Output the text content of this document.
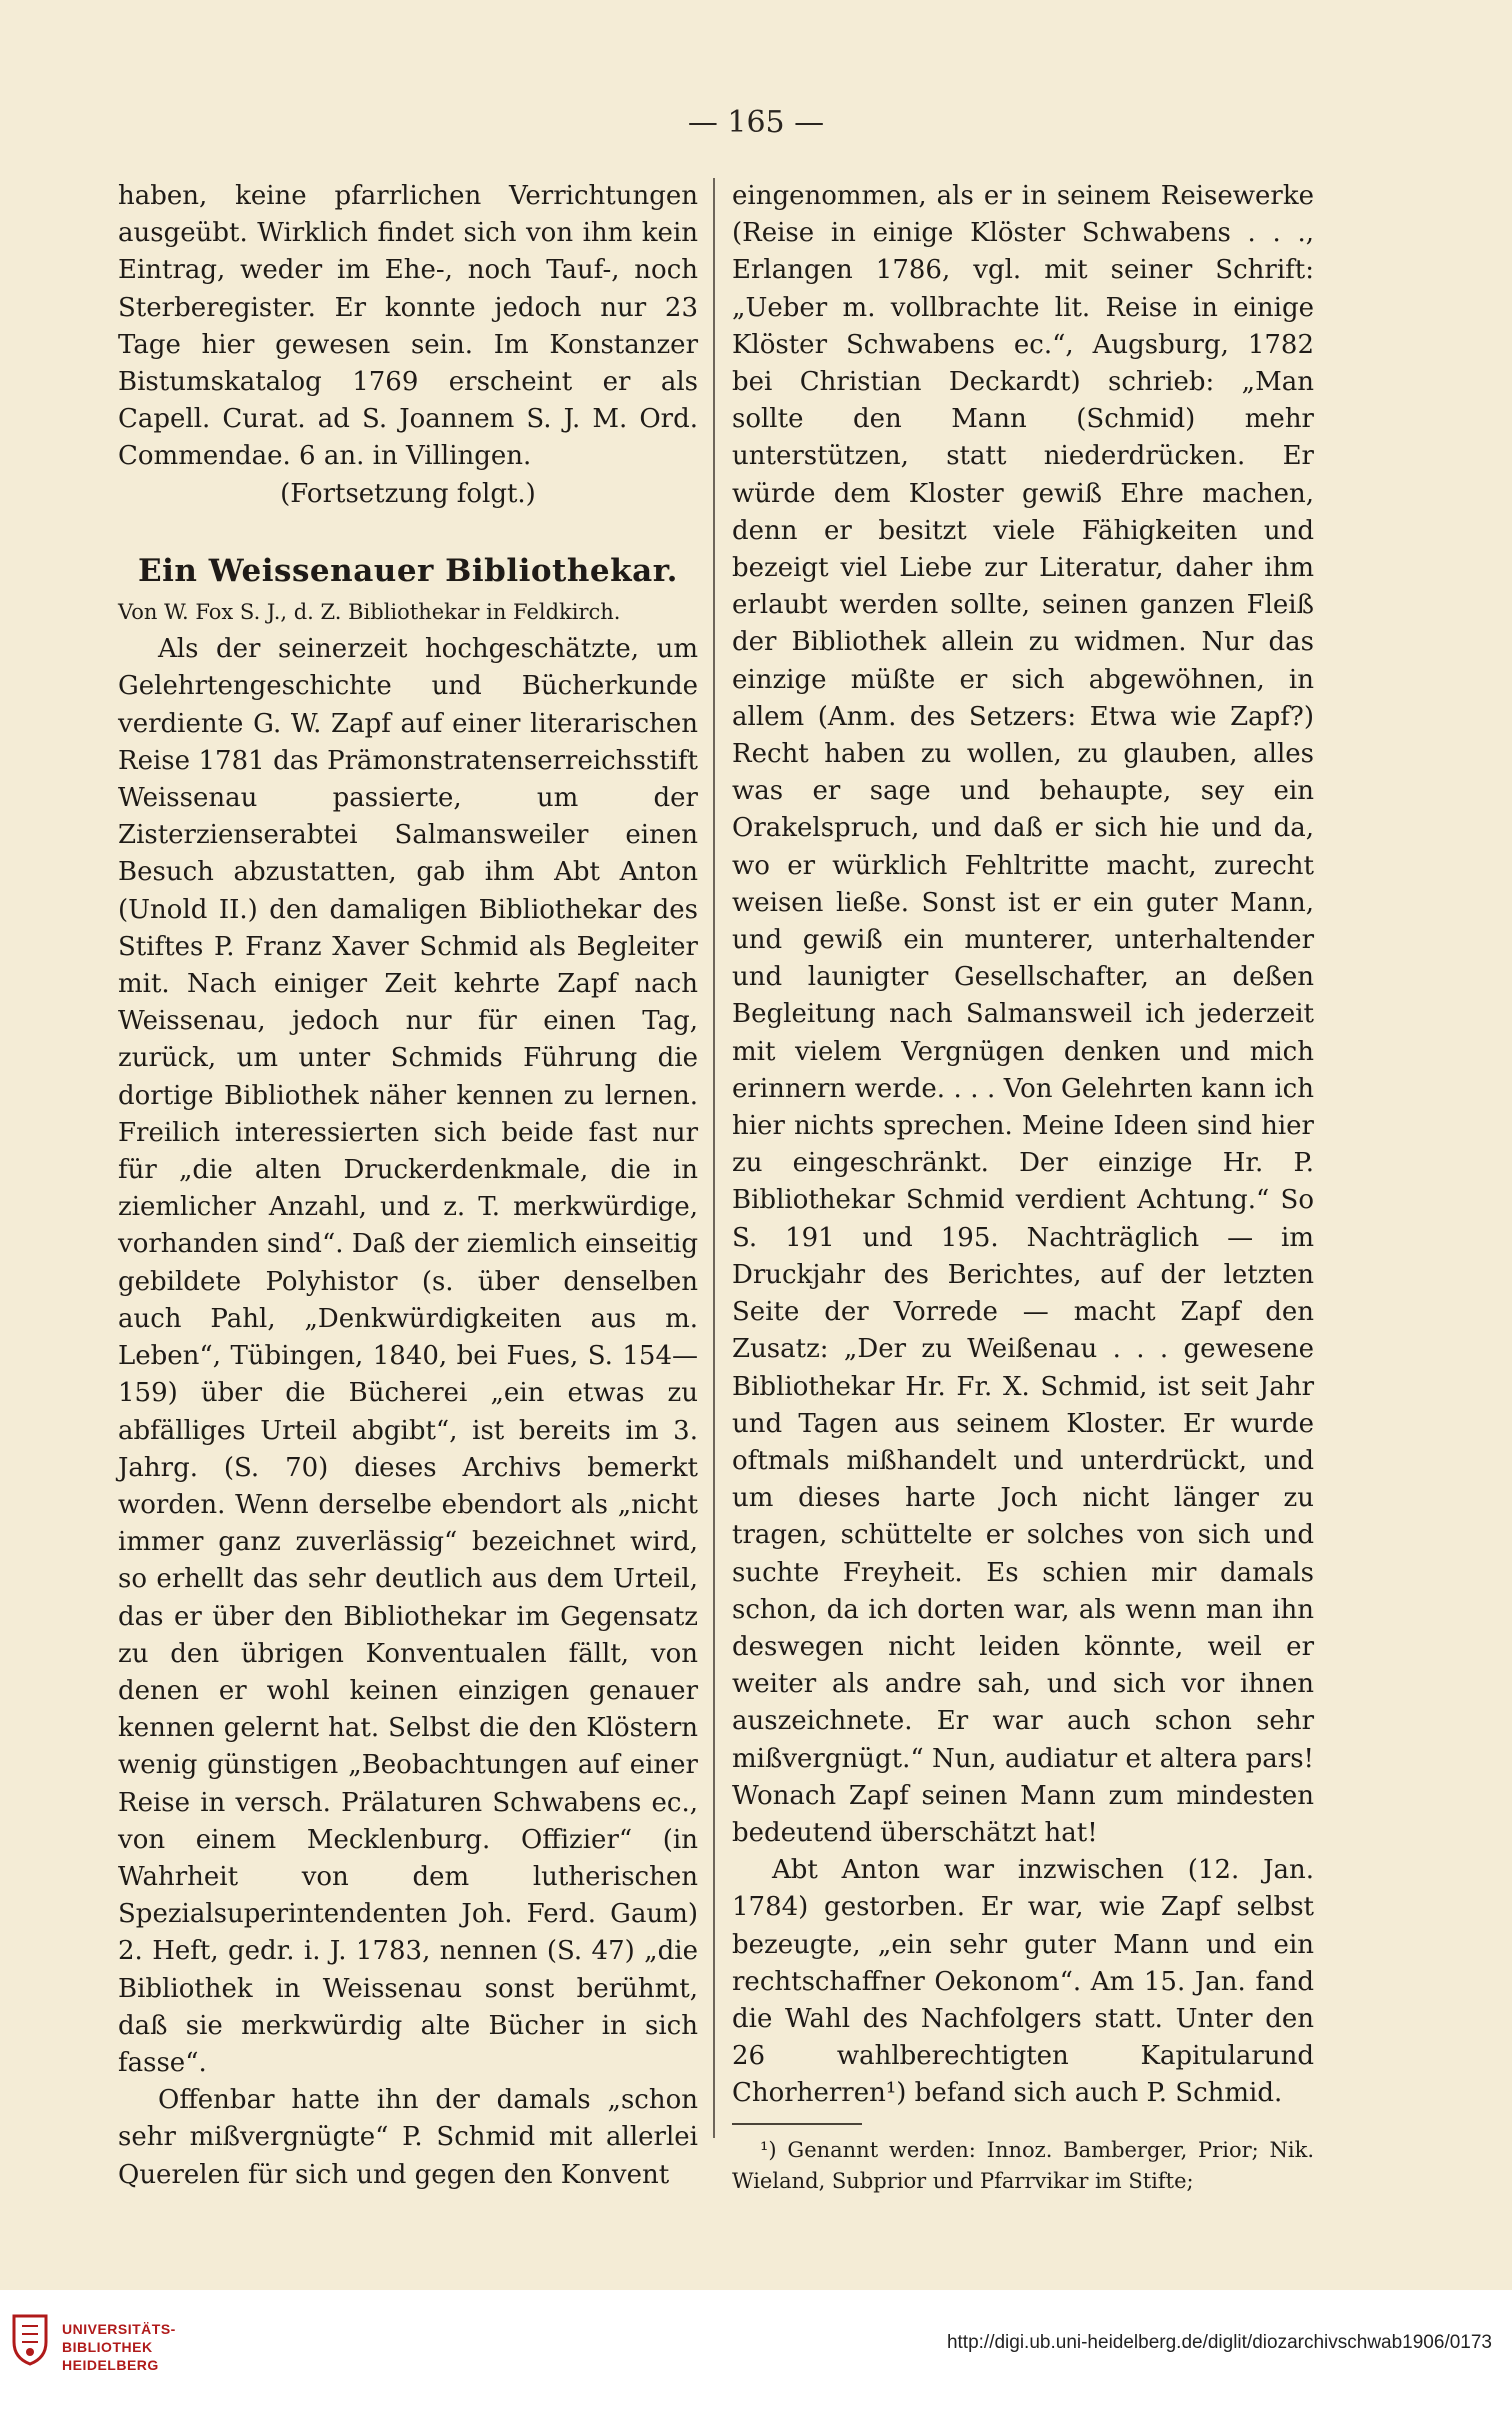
— 165 —

haben, keine pfarrlichen Verrichtungen ausgeübt. Wirklich findet sich von ihm kein Eintrag, weder im Ehe-, noch Tauf-, noch Sterberegister. Er konnte jedoch nur 23 Tage hier gewesen sein. Im Konstanzer Bistumskatalog 1769 erscheint er als Capell. Curat. ad S. Joannem S. J. M. Ord. Commendae. 6 an. in Villingen.

(Fortsetzung folgt.)

Ein Weissenauer Bibliothekar.

Von W. Fox S. J., d. Z. Bibliothekar in Feldkirch.

Als der seinerzeit hochgeschätzte, um Gelehrtengeschichte und Bücherkunde verdiente G. W. Zapf auf einer literarischen Reise 1781 das Prämonstratenserreichsstift Weissenau passierte, um der Zisterzienserabtei Salmansweiler einen Besuch abzustatten, gab ihm Abt Anton (Unold II.) den damaligen Bibliothekar des Stiftes P. Franz Xaver Schmid als Begleiter mit. Nach einiger Zeit kehrte Zapf nach Weissenau, jedoch nur für einen Tag, zurück, um unter Schmids Führung die dortige Bibliothek näher kennen zu lernen. Freilich interessierten sich beide fast nur für „die alten Druckerdenkmale, die in ziemlicher Anzahl, und z. T. merkwürdige, vorhanden sind“. Daß der ziemlich einseitig gebildete Polyhistor (s. über denselben auch Pahl, „Denkwürdigkeiten aus m. Leben“, Tübingen, 1840, bei Fues, S. 154—159) über die Bücherei „ein etwas zu abfälliges Urteil abgibt“, ist bereits im 3. Jahrg. (S. 70) dieses Archivs bemerkt worden. Wenn derselbe ebendort als „nicht immer ganz zuverlässig“ bezeichnet wird, so erhellt das sehr deutlich aus dem Urteil, das er über den Bibliothekar im Gegensatz zu den übrigen Konventualen fällt, von denen er wohl keinen einzigen genauer kennen gelernt hat. Selbst die den Klöstern wenig günstigen „Beobachtungen auf einer Reise in versch. Prälaturen Schwabens ec., von einem Mecklenburg. Offizier“ (in Wahrheit von dem lutherischen Spezialsuperintendenten Joh. Ferd. Gaum) 2. Heft, gedr. i. J. 1783, nennen (S. 47) „die Bibliothek in Weissenau sonst berühmt, daß sie merkwürdig alte Bücher in sich fasse“.

Offenbar hatte ihn der damals „schon sehr mißvergnügte“ P. Schmid mit allerlei Querelen für sich und gegen den Konvent

eingenommen, als er in seinem Reisewerke (Reise in einige Klöster Schwabens . . ., Erlangen 1786, vgl. mit seiner Schrift: „Ueber m. vollbrachte lit. Reise in einige Klöster Schwabens ec.“, Augsburg, 1782 bei Christian Deckardt) schrieb: „Man sollte den Mann (Schmid) mehr unterstützen, statt niederdrücken. Er würde dem Kloster gewiß Ehre machen, denn er besitzt viele Fähigkeiten und bezeigt viel Liebe zur Literatur, daher ihm erlaubt werden sollte, seinen ganzen Fleiß der Bibliothek allein zu widmen. Nur das einzige müßte er sich abgewöhnen, in allem (Anm. des Setzers: Etwa wie Zapf?) Recht haben zu wollen, zu glauben, alles was er sage und behaupte, sey ein Orakelspruch, und daß er sich hie und da, wo er würklich Fehltritte macht, zurecht weisen ließe. Sonst ist er ein guter Mann, und gewiß ein munterer, unterhaltender und launigter Gesellschafter, an deßen Begleitung nach Salmansweil ich jederzeit mit vielem Vergnügen denken und mich erinnern werde. . . . Von Gelehrten kann ich hier nichts sprechen. Meine Ideen sind hier zu eingeschränkt. Der einzige Hr. P. Bibliothekar Schmid verdient Achtung.“ So S. 191 und 195. Nachträglich — im Druckjahr des Berichtes, auf der letzten Seite der Vorrede — macht Zapf den Zusatz: „Der zu Weißenau . . . gewesene Bibliothekar Hr. Fr. X. Schmid, ist seit Jahr und Tagen aus seinem Kloster. Er wurde oftmals mißhandelt und unterdrückt, und um dieses harte Joch nicht länger zu tragen, schüttelte er solches von sich und suchte Freyheit. Es schien mir damals schon, da ich dorten war, als wenn man ihn deswegen nicht leiden könnte, weil er weiter als andre sah, und sich vor ihnen auszeichnete. Er war auch schon sehr mißvergnügt.“ Nun, audiatur et altera pars! Wonach Zapf seinen Mann zum mindesten bedeutend überschätzt hat!

Abt Anton war inzwischen (12. Jan. 1784) gestorben. Er war, wie Zapf selbst bezeugte, „ein sehr guter Mann und ein rechtschaffner Oekonom“. Am 15. Jan. fand die Wahl des Nachfolgers statt. Unter den 26 wahlberechtigten Kapitularund Chorherren¹) befand sich auch P. Schmid.

¹) Genannt werden: Innoz. Bamberger, Prior; Nik. Wieland, Subprior und Pfarrvikar im Stifte;

UNIVERSITÄTS-
BIBLIOTHEK
HEIDELBERG
http://digi.ub.uni-heidelberg.de/diglit/diozarchivschwab1906/0173
